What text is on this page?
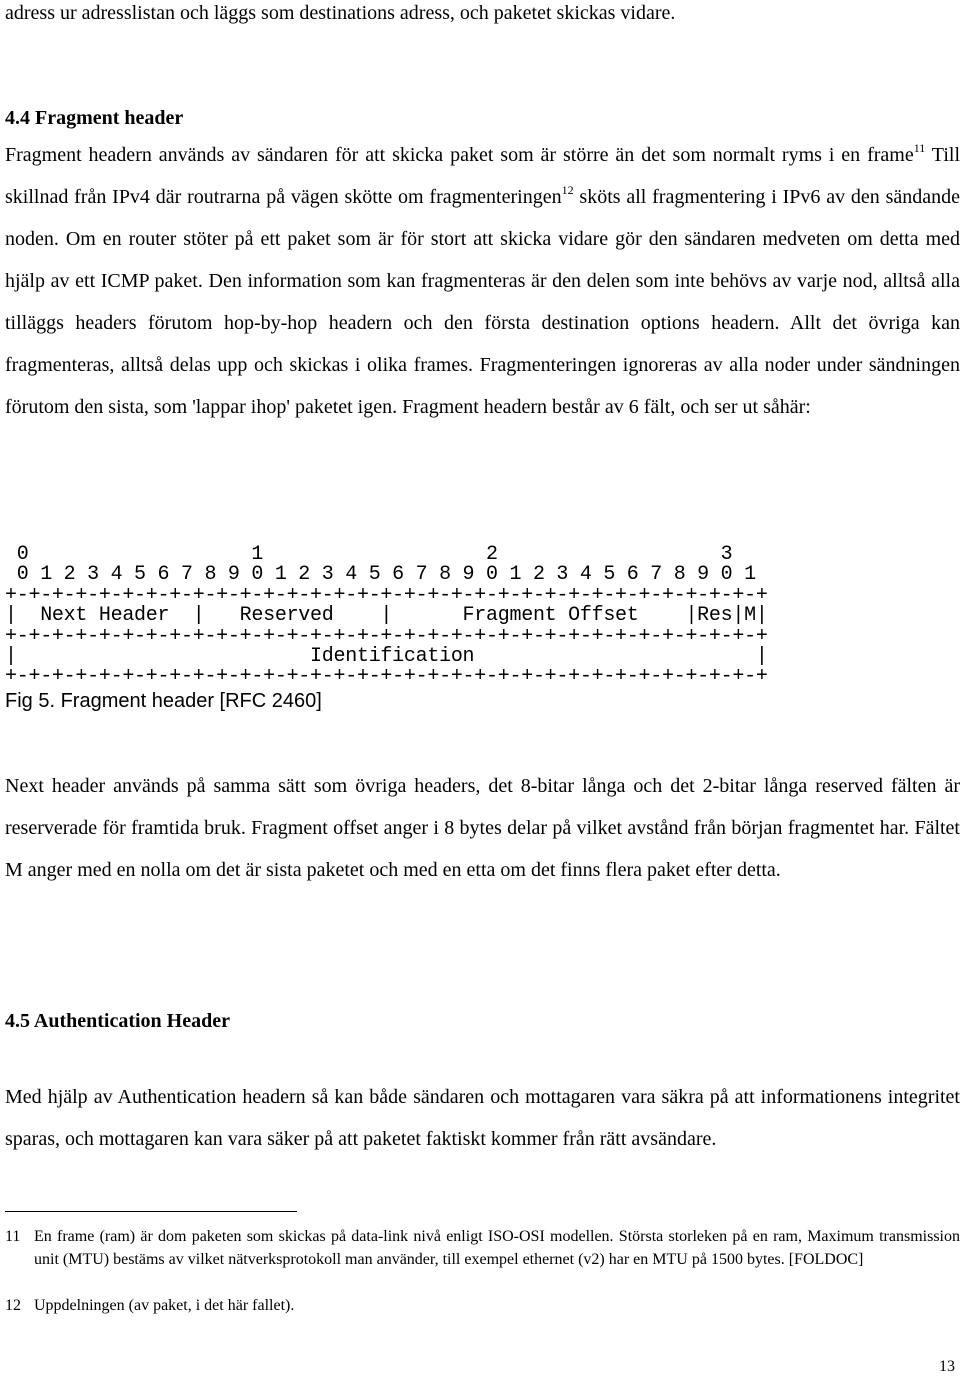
adress ur adresslistan och läggs som destinations adress, och paketet skickas vidare.

4.4 Fragment header

Fragment headern används av sändaren för att skicka paket som är större än det som normalt ryms i en frame$^{11}$ Till skillnad från IPv4 där routrarna på vägen skötte om fragmenteringen$^{12}$ sköts all fragmentering i IPv6 av den sändande noden. Om en router stöter på ett paket som är för stort att skicka vidare gör den sändaren medveten om detta med hjälp av ett ICMP paket. Den information som kan fragmenteras är den delen som inte behövs av varje nod, alltså alla tilläggs headers förutom hop-by-hop headern och den första destination options headern. Allt det övriga kan fragmenteras, alltså delas upp och skickas i olika frames. Fragmenteringen ignoreras av alla noder under sändningen förutom den sista, som 'lappar ihop' paketet igen. Fragment headern består av 6 fält, och ser ut såhär:

0                   1                   2                   3
0 1 2 3 4 5 6 7 8 9 0 1 2 3 4 5 6 7 8 9 0 1 2 3 4 5 6 7 8 9 0 1
+-+-+-+-+-+-+-+-+-+-+-+-+-+-+-+-+-+-+-+-+-+-+-+-+-+-+-+-+-+-+-+-+
|  Next Header  |   Reserved    |      Fragment Offset    |Res|M|
+-+-+-+-+-+-+-+-+-+-+-+-+-+-+-+-+-+-+-+-+-+-+-+-+-+-+-+-+-+-+-+-+
|                         Identification                        |
+-+-+-+-+-+-+-+-+-+-+-+-+-+-+-+-+-+-+-+-+-+-+-+-+-+-+-+-+-+-+-+-+
Fig 5. Fragment header [RFC 2460]

Next header används på samma sätt som övriga headers, det 8-bitar långa och det 2-bitar långa reserved fälten är reserverade för framtida bruk. Fragment offset anger i 8 bytes delar på vilket avstånd från början fragmentet har. Fältet M anger med en nolla om det är sista paketet och med en etta om det finns flera paket efter detta.

4.5 Authentication Header

Med hjälp av Authentication headern så kan både sändaren och mottagaren vara säkra på att informationens integritet sparas, och mottagaren kan vara säker på att paketet faktiskt kommer från rätt avsändare.

11 En frame (ram) är dom paketen som skickas på data-link nivå enligt ISO-OSI modellen. Största storleken på en ram, Maximum transmission unit (MTU) bestäms av vilket nätverksprotokoll man använder, till exempel ethernet (v2) har en MTU på 1500 bytes. [FOLDOC]
12 Uppdelningen (av paket, i det här fallet).
13
